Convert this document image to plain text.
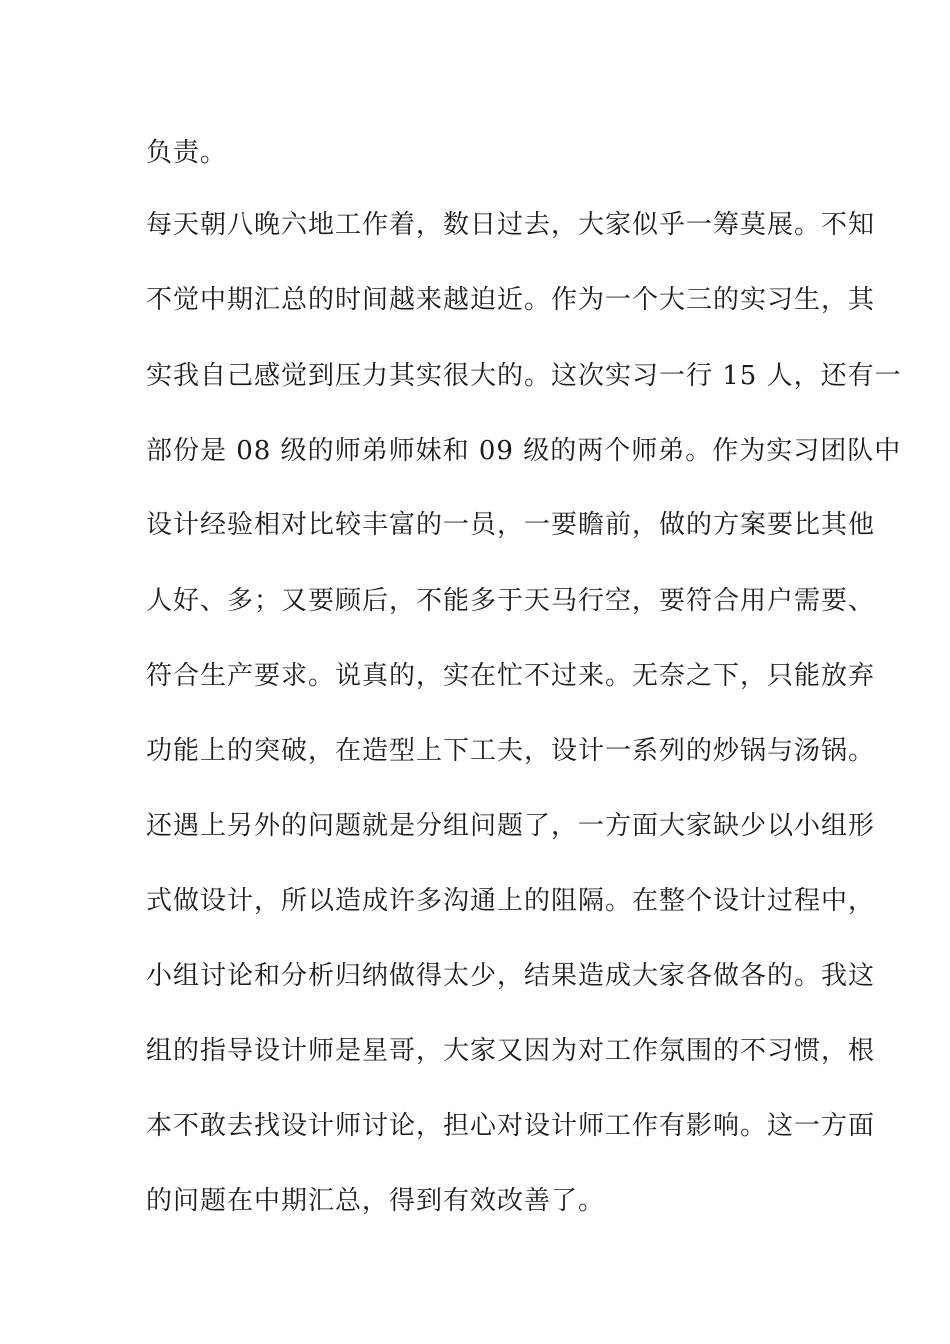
负责。
每天朝八晚六地工作着，数日过去，大家似乎一筹莫展。不知
不觉中期汇总的时间越来越迫近。作为一个大三的实习生，其
实我自己感觉到压力其实很大的。这次实习一行 15 人，还有一
部份是 08 级的师弟师妹和 09 级的两个师弟。作为实习团队中
设计经验相对比较丰富的一员，一要瞻前，做的方案要比其他
人好、多；又要顾后，不能多于天马行空，要符合用户需要、
符合生产要求。说真的，实在忙不过来。无奈之下，只能放弃
功能上的突破，在造型上下工夫，设计一系列的炒锅与汤锅。
还遇上另外的问题就是分组问题了，一方面大家缺少以小组形
式做设计，所以造成许多沟通上的阻隔。在整个设计过程中，
小组讨论和分析归纳做得太少，结果造成大家各做各的。我这
组的指导设计师是星哥，大家又因为对工作氛围的不习惯，根
本不敢去找设计师讨论，担心对设计师工作有影响。这一方面
的问题在中期汇总，得到有效改善了。
